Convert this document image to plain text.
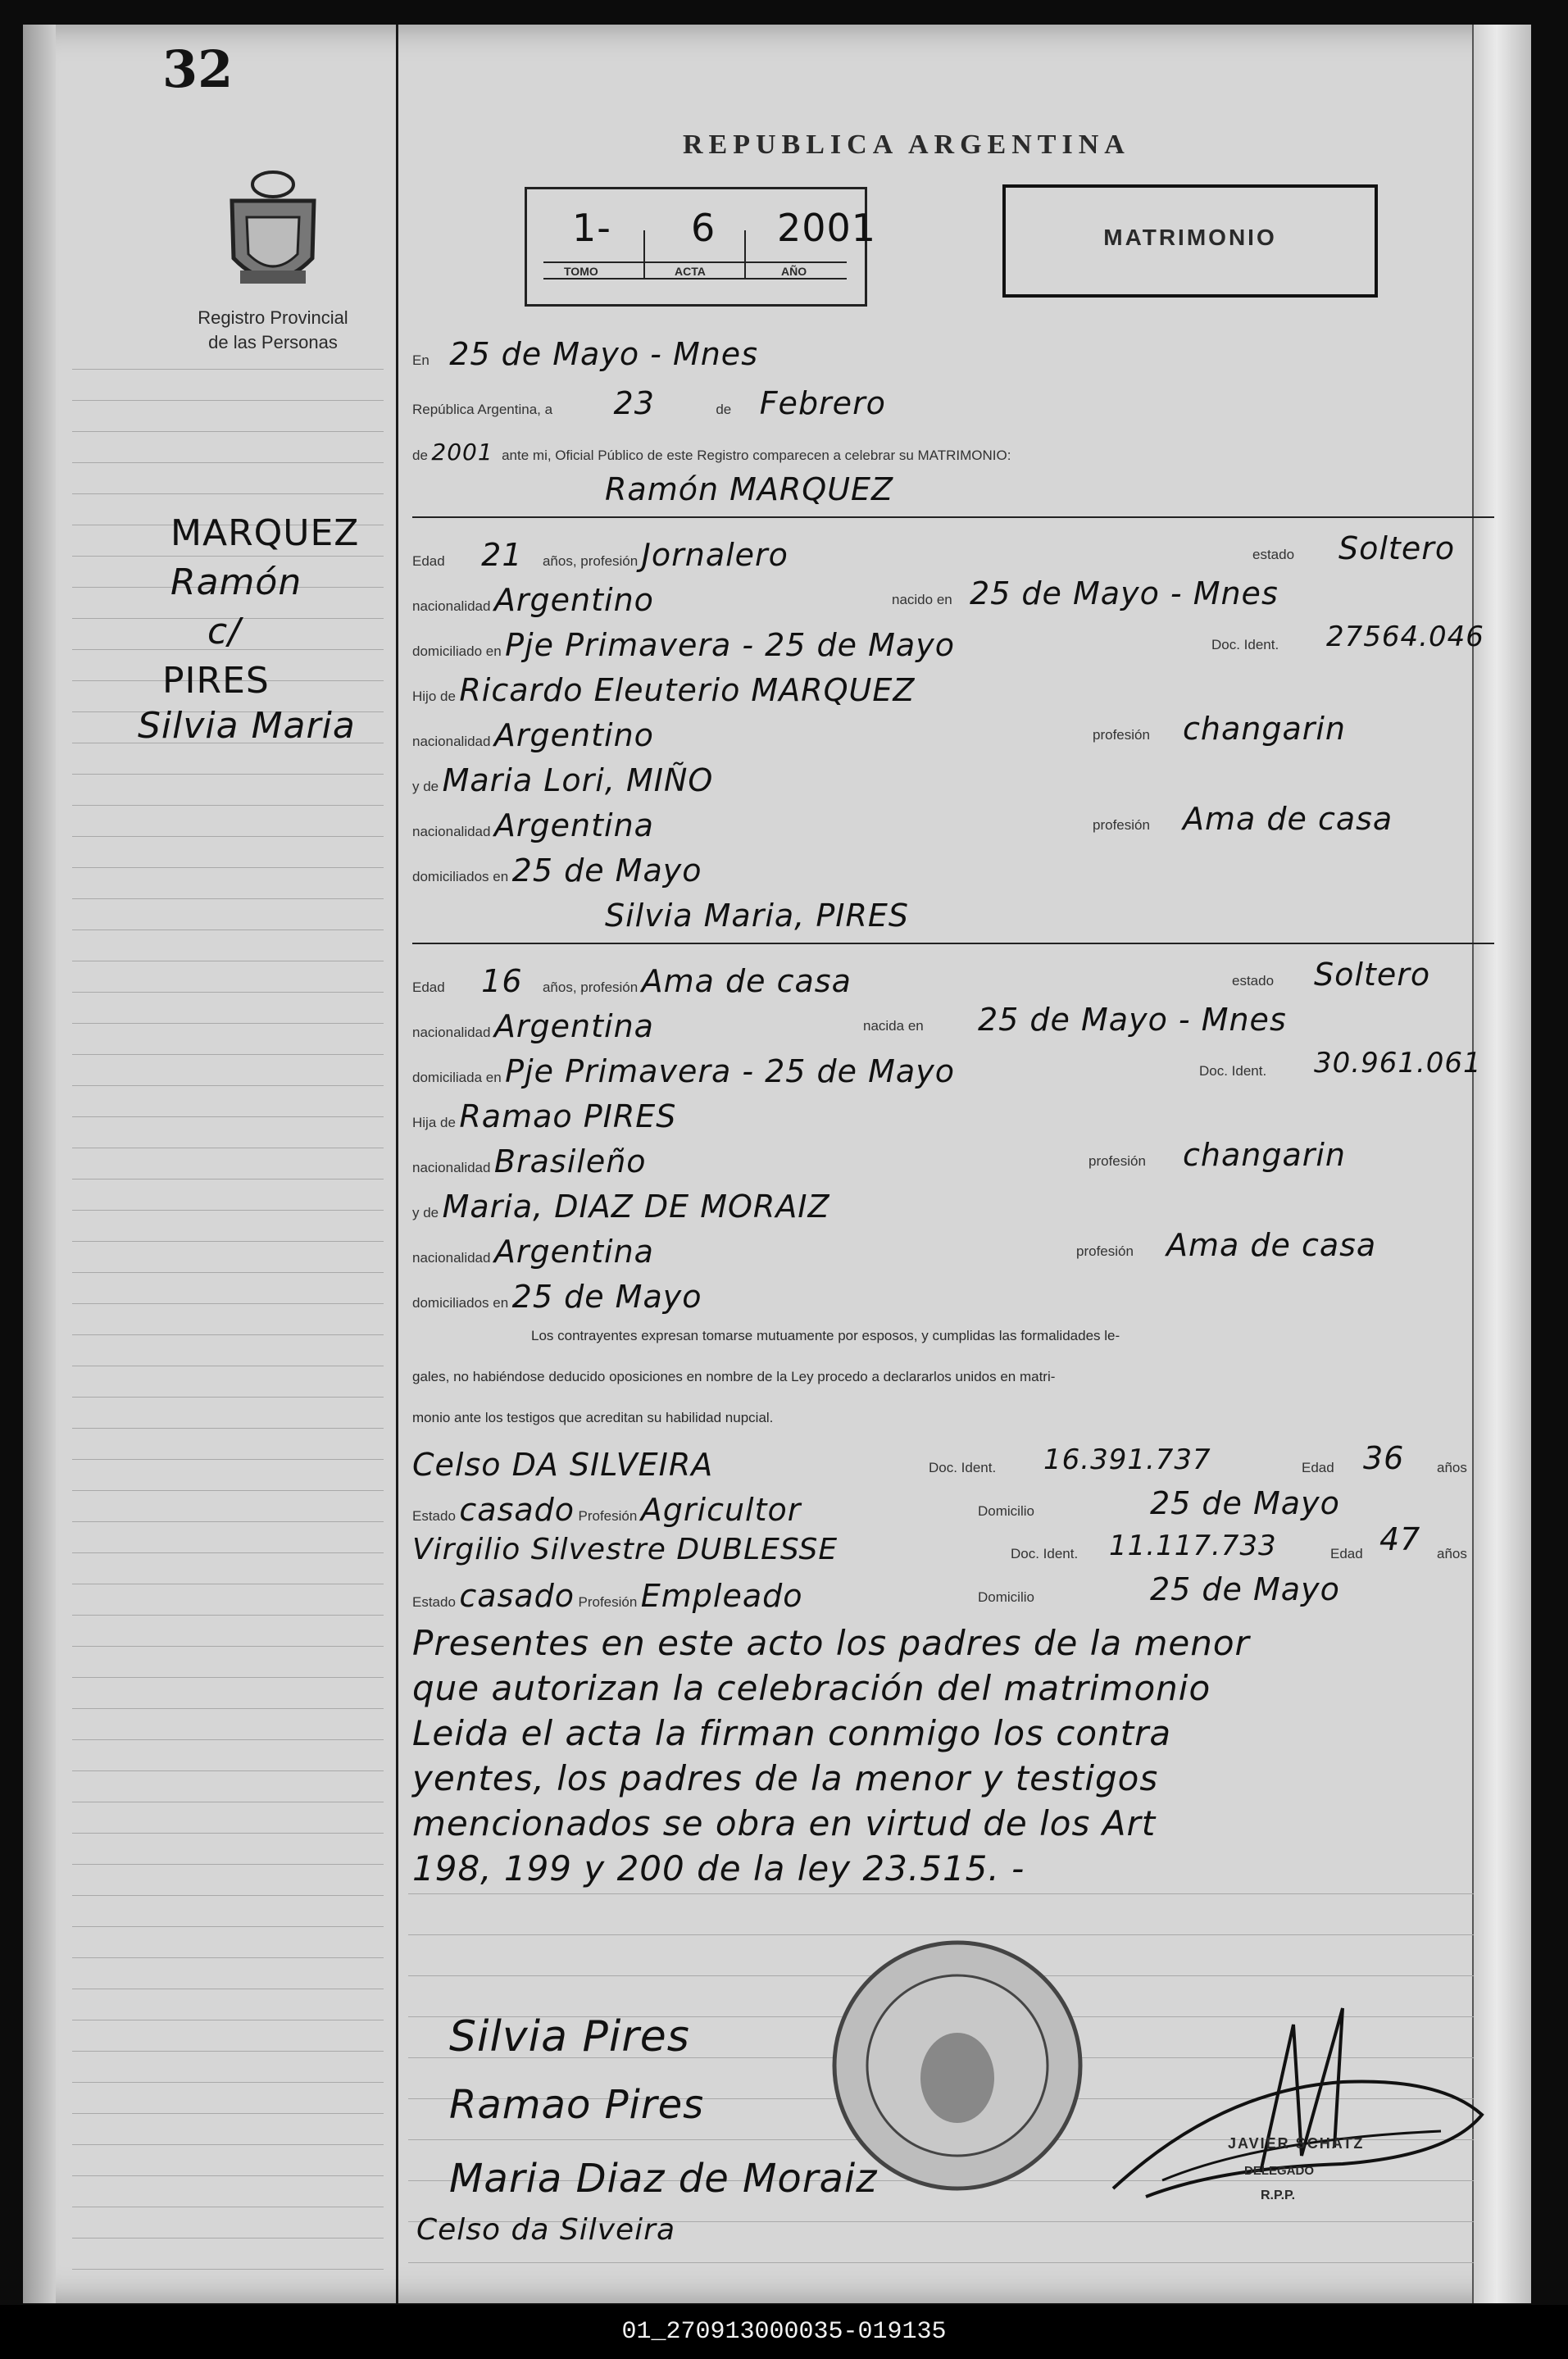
32
Registro Provincial
de las Personas
MARQUEZ
Ramón
c/
PIRES
Silvia Maria
REPUBLICA ARGENTINA
1- 6 2001
TOMO	ACTA	AÑO
MATRIMONIO
En 25 de Mayo - Mnes
República Argentina, a 23	de Febrero
de 2001 ante mi, Oficial Público de este Registro comparecen a celebrar su MATRIMONIO:
Ramón MARQUEZ
Edad 21 años, profesión Jornalero	estado Soltero
nacionalidad Argentino	nacido en 25 de Mayo - Mnes
domiciliado en Pje Primavera - 25 de Mayo	Doc. Ident. 27564.046
Hijo de Ricardo Eleuterio MARQUEZ
nacionalidad Argentino	profesión changarin
y de Maria Lori, MIÑO
nacionalidad Argentina	profesión Ama de casa
domiciliados en 25 de Mayo
Silvia Maria, PIRES
Edad 16 años, profesión Ama de casa	estado Soltero
nacionalidad Argentina	nacida en 25 de Mayo - Mnes
domiciliada en Pje Primavera - 25 de Mayo	Doc. Ident. 30.961.061
Hija de Ramao PIRES
nacionalidad Brasileño	profesión changarin
y de Maria, DIAZ DE MORAIZ
nacionalidad Argentina	profesión Ama de casa
domiciliados en 25 de Mayo
Los contrayentes expresan tomarse mutuamente por esposos, y cumplidas las formalidades le-
gales, no habiéndose deducido oposiciones en nombre de la Ley procedo a declararlos unidos en matri-
monio ante los testigos que acreditan su habilidad nupcial.
Celso DA SILVEIRA	Doc. Ident. 16.391.737	Edad 36 años
Estado casado Profesión Agricultor	Domicilio	25 de Mayo
Virgilio Silvestre DUBLESSE	Doc. Ident. 11.117.733	Edad 47 años
Estado casado Profesión Empleado	Domicilio	25 de Mayo
Presentes en este acto los padres de la menor
que autorizan la celebración del matrimonio
Leida el acta la firman conmigo los contra
yentes, los padres de la menor y testigos
mencionados se obra en virtud de los Art
198, 199 y 200 de la ley 23.515. -
Silvia Pires
Ramao Pires
Maria Diaz de Moraiz
Celso da Silveira
JAVIER SCHATZ
DELEGADO
R.P.P.
01_270913000035-019135
